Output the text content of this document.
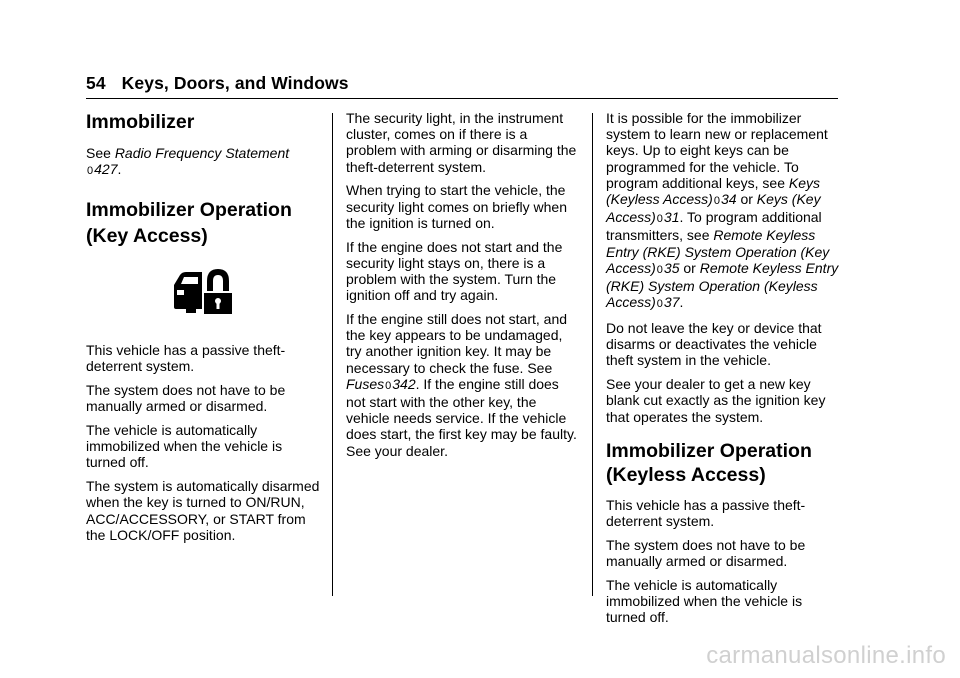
54 Keys, Doors, and Windows
Immobilizer

See Radio Frequency Statement
0427.

Immobilizer Operation
(Key Access)

This vehicle has a passive theft-deterrent system.

The system does not have to be manually armed or disarmed.

The vehicle is automatically immobilized when the vehicle is turned off.

The system is automatically disarmed when the key is turned to ON/RUN, ACC/ACCESSORY, or START from the LOCK/OFF position.

The security light, in the instrument cluster, comes on if there is a problem with arming or disarming the theft-deterrent system.

When trying to start the vehicle, the security light comes on briefly when the ignition is turned on.

If the engine does not start and the security light stays on, there is a problem with the system. Turn the ignition off and try again.

If the engine still does not start, and the key appears to be undamaged, try another ignition key. It may be necessary to check the fuse. See Fuses0342. If the engine still does not start with the other key, the vehicle needs service. If the vehicle does start, the first key may be faulty. See your dealer.

It is possible for the immobilizer system to learn new or replacement keys. Up to eight keys can be programmed for the vehicle. To program additional keys, see Keys (Keyless Access)034 or Keys (Key Access)031. To program additional transmitters, see Remote Keyless Entry (RKE) System Operation (Key Access)035 or Remote Keyless Entry (RKE) System Operation (Keyless Access)037.

Do not leave the key or device that disarms or deactivates the vehicle theft system in the vehicle.

See your dealer to get a new key blank cut exactly as the ignition key that operates the system.

Immobilizer Operation
(Keyless Access)

This vehicle has a passive theft-deterrent system.

The system does not have to be manually armed or disarmed.

The vehicle is automatically immobilized when the vehicle is turned off.

carmanualsonline.info
